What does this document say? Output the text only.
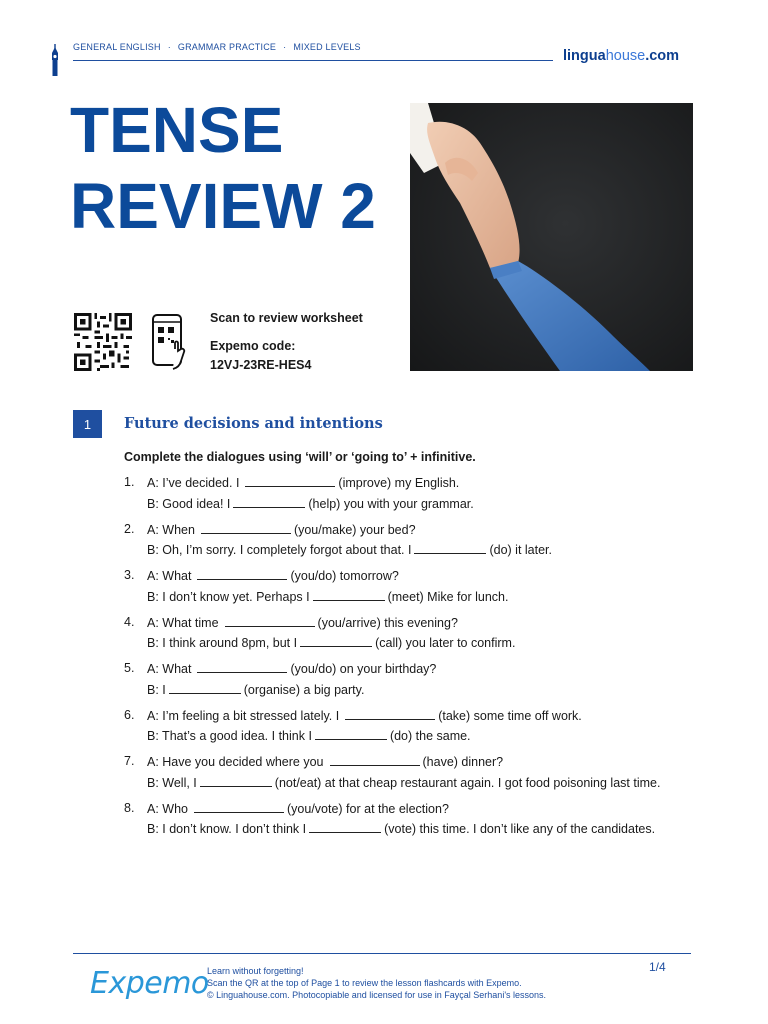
GENERAL ENGLISH · GRAMMAR PRACTICE · MIXED LEVELS
linguahouse.com
TENSE
REVIEW 2
Scan to review worksheet
Expemo code:
12VJ-23RE-HES4
1	Future decisions and intentions
Complete the dialogues using ‘will’ or ‘going to’ + infinitive.
1.	A: I’ve decided. I	(improve) my English.
B: Good idea! I	(help) you with your grammar.
2.	A: When	(you/make) your bed?
B: Oh, I’m sorry. I completely forgot about that. I	(do) it later.
3.	A: What	(you/do) tomorrow?
B: I don’t know yet. Perhaps I	(meet) Mike for lunch.
4.	A: What time	(you/arrive) this evening?
B: I think around 8pm, but I	(call) you later to confirm.
5.	A: What	(you/do) on your birthday?
B: I	(organise) a big party.
6.	A: I’m feeling a bit stressed lately. I	(take) some time off work.
B: That’s a good idea. I think I	(do) the same.
7.	A: Have you decided where you	(have) dinner?
B: Well, I	(not/eat) at that cheap restaurant again. I got food poisoning last time.
8.	A: Who	(you/vote) for at the election?
B: I don’t know. I don’t think I	(vote) this time. I don’t like any of the candidates.
Expemo
Learn without forgetting!
Scan the QR at the top of Page 1 to review the lesson flashcards with Expemo.
© Linguahouse.com. Photocopiable and licensed for use in Fayçal Serhani's lessons.
1/4
